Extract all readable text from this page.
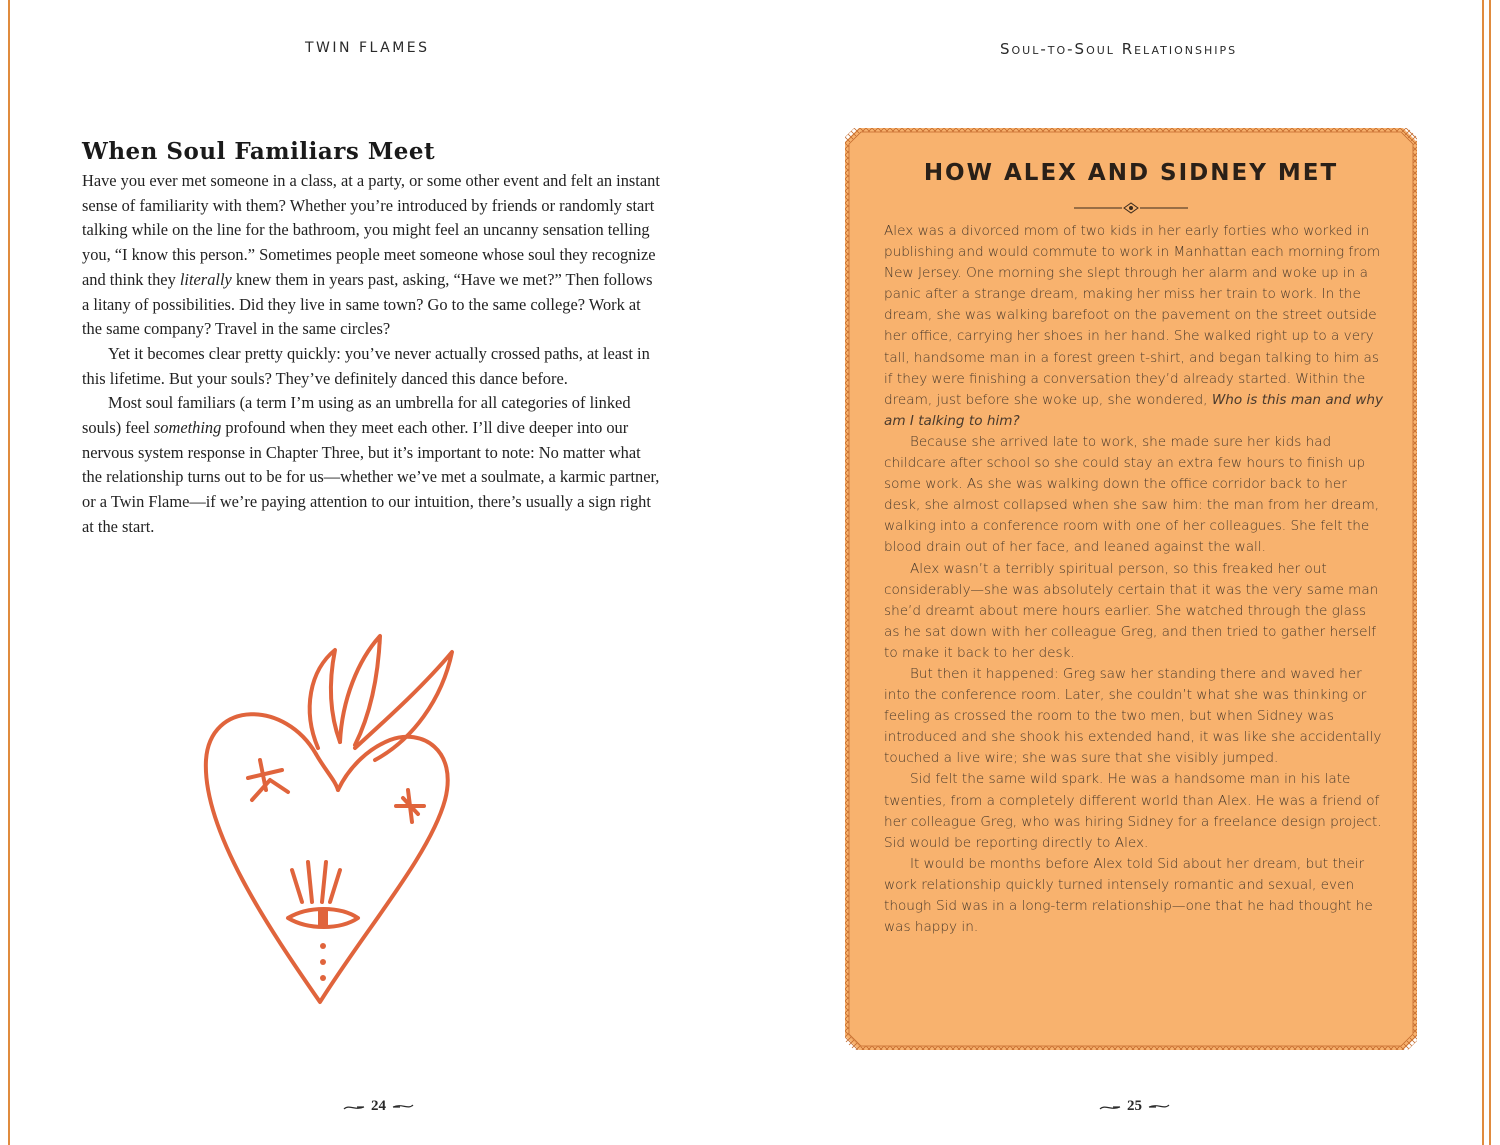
TWIN FLAMES
When Soul Familiars Meet

Have you ever met someone in a class, at a party, or some other event and felt an instant sense of familiarity with them? Whether you’re introduced by friends or randomly start talking while on the line for the bathroom, you might feel an uncanny sensation telling you, “I know this person.” Sometimes people meet someone whose soul they recognize and think they literally knew them in years past, asking, “Have we met?” Then follows a litany of possibilities. Did they live in same town? Go to the same college? Work at the same company? Travel in the same circles?

Yet it becomes clear pretty quickly: you’ve never actually crossed paths, at least in this lifetime. But your souls? They’ve definitely danced this dance before.

Most soul familiars (a term I’m using as an umbrella for all categories of linked souls) feel something profound when they meet each other. I’ll dive deeper into our nervous system response in Chapter Three, but it’s important to note: No matter what the relationship turns out to be for us—whether we’ve met a soulmate, a karmic partner, or a Twin Flame—if we’re paying attention to our intuition, there’s usually a sign right at the start.

24
Soul-to-Soul Relationships
HOW ALEX AND SIDNEY MET

Alex was a divorced mom of two kids in her early forties who worked in publishing and would commute to work in Manhattan each morning from New Jersey. One morning she slept through her alarm and woke up in a panic after a strange dream, making her miss her train to work. In the dream, she was walking barefoot on the pavement on the street outside her office, carrying her shoes in her hand. She walked right up to a very tall, handsome man in a forest green t-shirt, and began talking to him as if they were finishing a conversation they’d already started. Within the dream, just before she woke up, she wondered, Who is this man and why am I talking to him?

Because she arrived late to work, she made sure her kids had childcare after school so she could stay an extra few hours to finish up some work. As she was walking down the office corridor back to her desk, she almost collapsed when she saw him: the man from her dream, walking into a conference room with one of her colleagues. She felt the blood drain out of her face, and leaned against the wall.

Alex wasn’t a terribly spiritual person, so this freaked her out considerably—she was absolutely certain that it was the very same man she’d dreamt about mere hours earlier. She watched through the glass as he sat down with her colleague Greg, and then tried to gather herself to make it back to her desk.

But then it happened: Greg saw her standing there and waved her into the conference room. Later, she couldn’t what she was thinking or feeling as crossed the room to the two men, but when Sidney was introduced and she shook his extended hand, it was like she accidentally touched a live wire; she was sure that she visibly jumped.

Sid felt the same wild spark. He was a handsome man in his late twenties, from a completely different world than Alex. He was a friend of her colleague Greg, who was hiring Sidney for a freelance design project. Sid would be reporting directly to Alex.

It would be months before Alex told Sid about her dream, but their work relationship quickly turned intensely romantic and sexual, even though Sid was in a long-term relationship—one that he had thought he was happy in.

25
